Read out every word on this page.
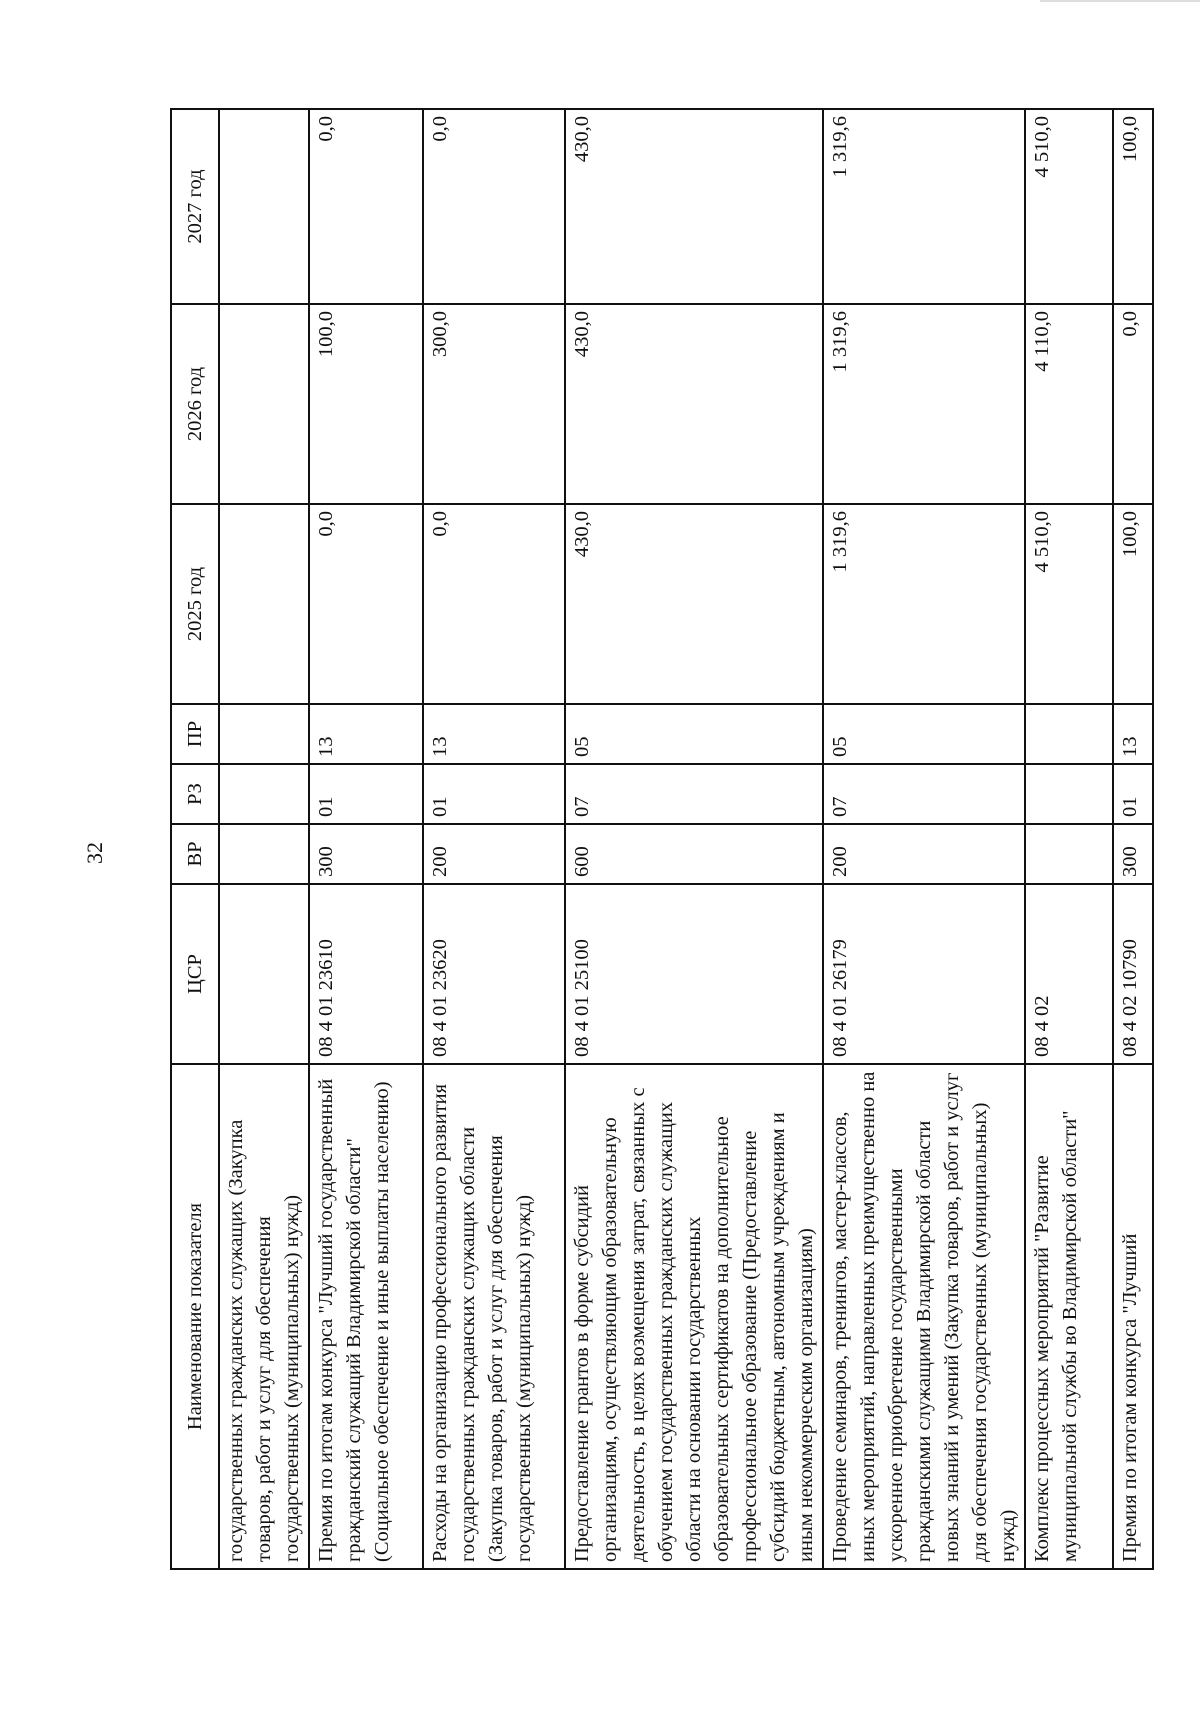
32
Наименование показателя	ЦСР	ВР	РЗ	ПР	2025 год	2026 год	2027 год
государственных гражданских служащих (Закупка товаров, работ и услуг для обеспечения государственных (муниципальных) нужд)							
Премия по итогам конкурса "Лучший государственный гражданский служащий Владимирской области" (Социальное обеспечение и иные выплаты населению)	08 4 01 23610	300	01	13	0,0	100,0	0,0
Расходы на организацию профессионального развития государственных гражданских служащих области (Закупка товаров, работ и услуг для обеспечения государственных (муниципальных) нужд)	08 4 01 23620	200	01	13	0,0	300,0	0,0
Предоставление грантов в форме субсидий организациям, осуществляющим образовательную деятельность, в целях возмещения затрат, связанных с обучением государственных гражданских служащих области на основании государственных образовательных сертификатов на дополнительное профессиональное образование (Предоставление субсидий бюджетным, автономным учреждениям и иным некоммерческим организациям)	08 4 01 25100	600	07	05	430,0	430,0	430,0
Проведение семинаров, тренингов, мастер-классов, иных мероприятий, направленных преимущественно на ускоренное приобретение государственными гражданскими служащими Владимирской области новых знаний и умений (Закупка товаров, работ и услуг для обеспечения государственных (муниципальных) нужд)	08 4 01 26179	200	07	05	1 319,6	1 319,6	1 319,6
Комплекс процессных мероприятий "Развитие муниципальной службы во Владимирской области"	08 4 02				4 510,0	4 110,0	4 510,0
Премия по итогам конкурса "Лучший	08 4 02 10790	300	01	13	100,0	0,0	100,0
